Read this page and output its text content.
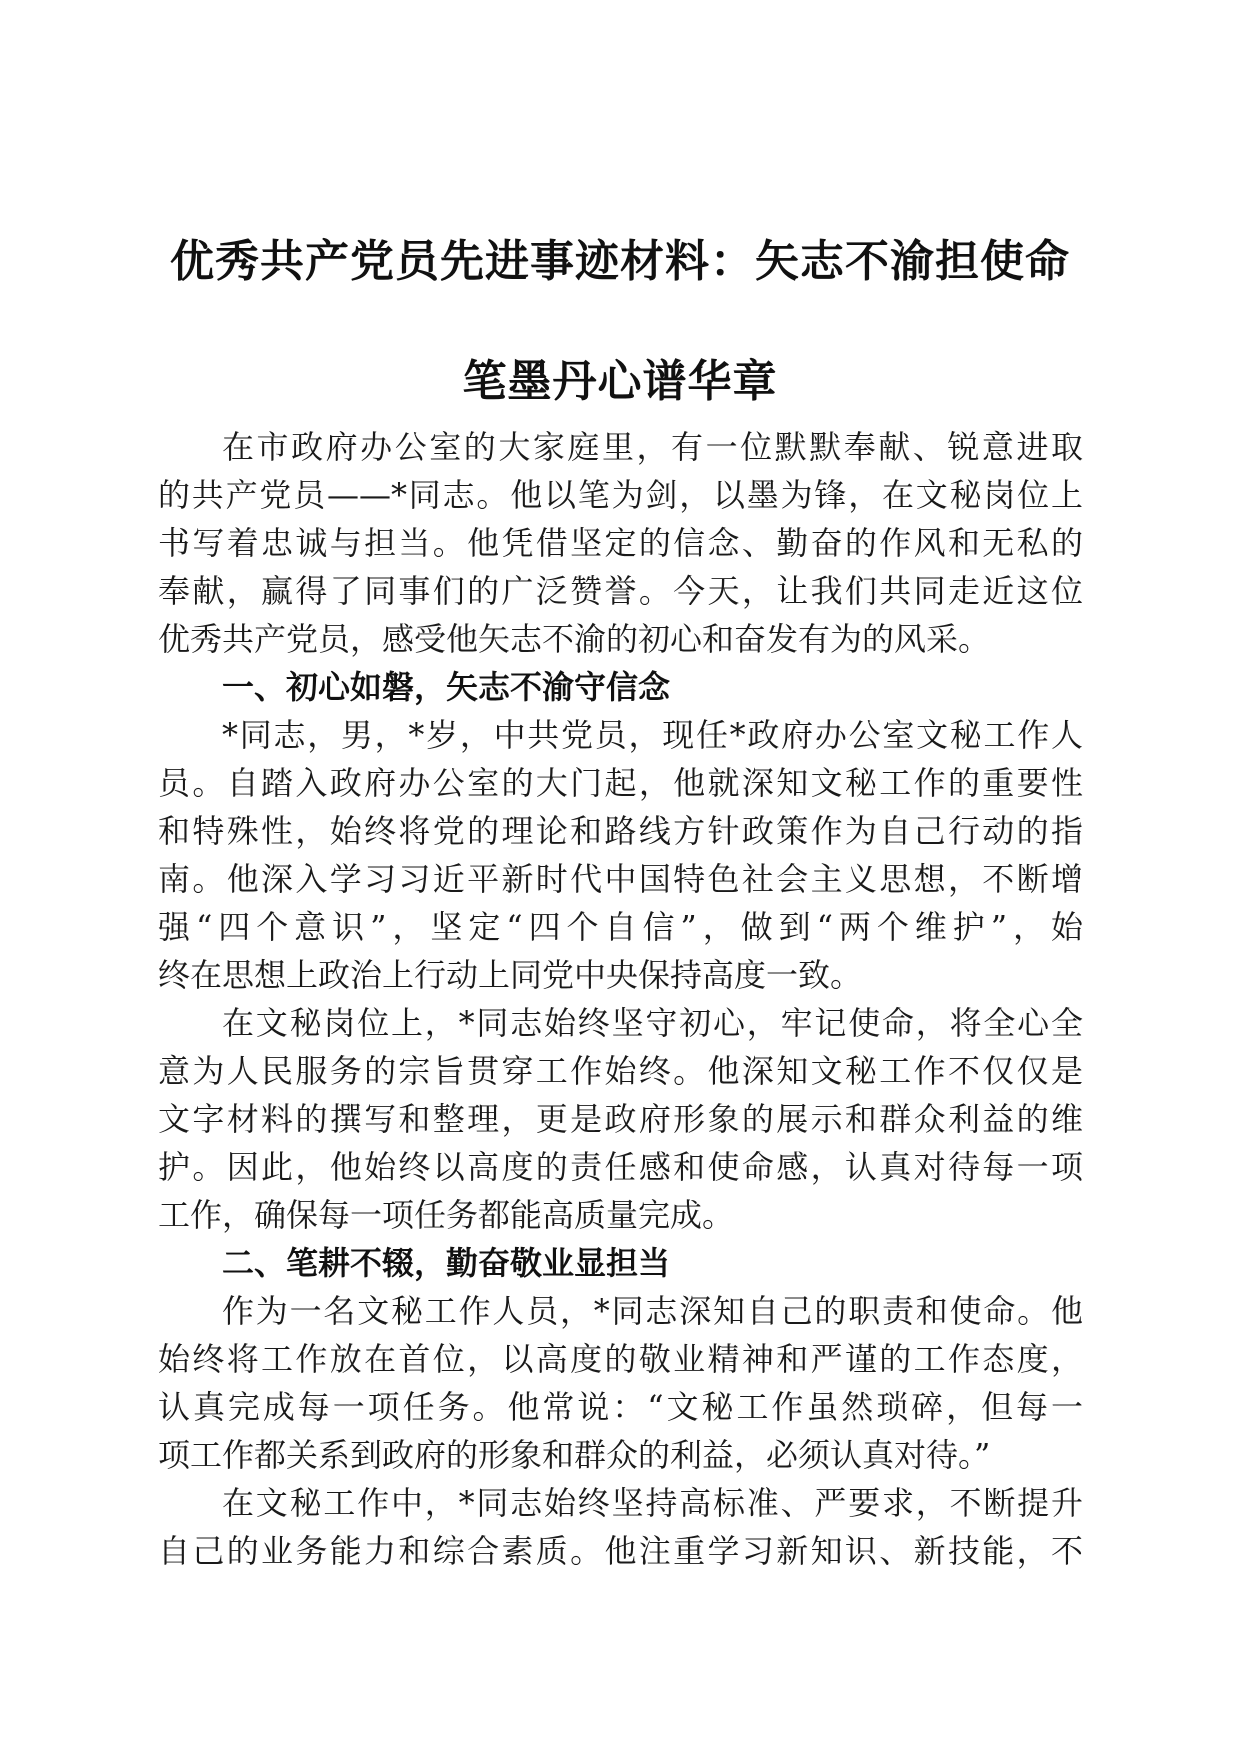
优秀共产党员先进事迹材料：矢志不渝担使命
笔墨丹心谱华章
在市政府办公室的大家庭里，有一位默默奉献、锐意进取
的共产党员——*同志。他以笔为剑，以墨为锋，在文秘岗位上
书写着忠诚与担当。他凭借坚定的信念、勤奋的作风和无私的
奉献，赢得了同事们的广泛赞誉。今天，让我们共同走近这位
优秀共产党员，感受他矢志不渝的初心和奋发有为的风采。
一、初心如磐，矢志不渝守信念
*同志，男，*岁，中共党员，现任*政府办公室文秘工作人
员。自踏入政府办公室的大门起，他就深知文秘工作的重要性
和特殊性，始终将党的理论和路线方针政策作为自己行动的指
南。他深入学习习近平新时代中国特色社会主义思想，不断增
强“四个意识”，坚定“四个自信”，做到“两个维护”，始
终在思想上政治上行动上同党中央保持高度一致。
在文秘岗位上，*同志始终坚守初心，牢记使命，将全心全
意为人民服务的宗旨贯穿工作始终。他深知文秘工作不仅仅是
文字材料的撰写和整理，更是政府形象的展示和群众利益的维
护。因此，他始终以高度的责任感和使命感，认真对待每一项
工作，确保每一项任务都能高质量完成。
二、笔耕不辍，勤奋敬业显担当
作为一名文秘工作人员，*同志深知自己的职责和使命。他
始终将工作放在首位，以高度的敬业精神和严谨的工作态度，
认真完成每一项任务。他常说：“文秘工作虽然琐碎，但每一
项工作都关系到政府的形象和群众的利益，必须认真对待。”
在文秘工作中，*同志始终坚持高标准、严要求，不断提升
自己的业务能力和综合素质。他注重学习新知识、新技能，不
